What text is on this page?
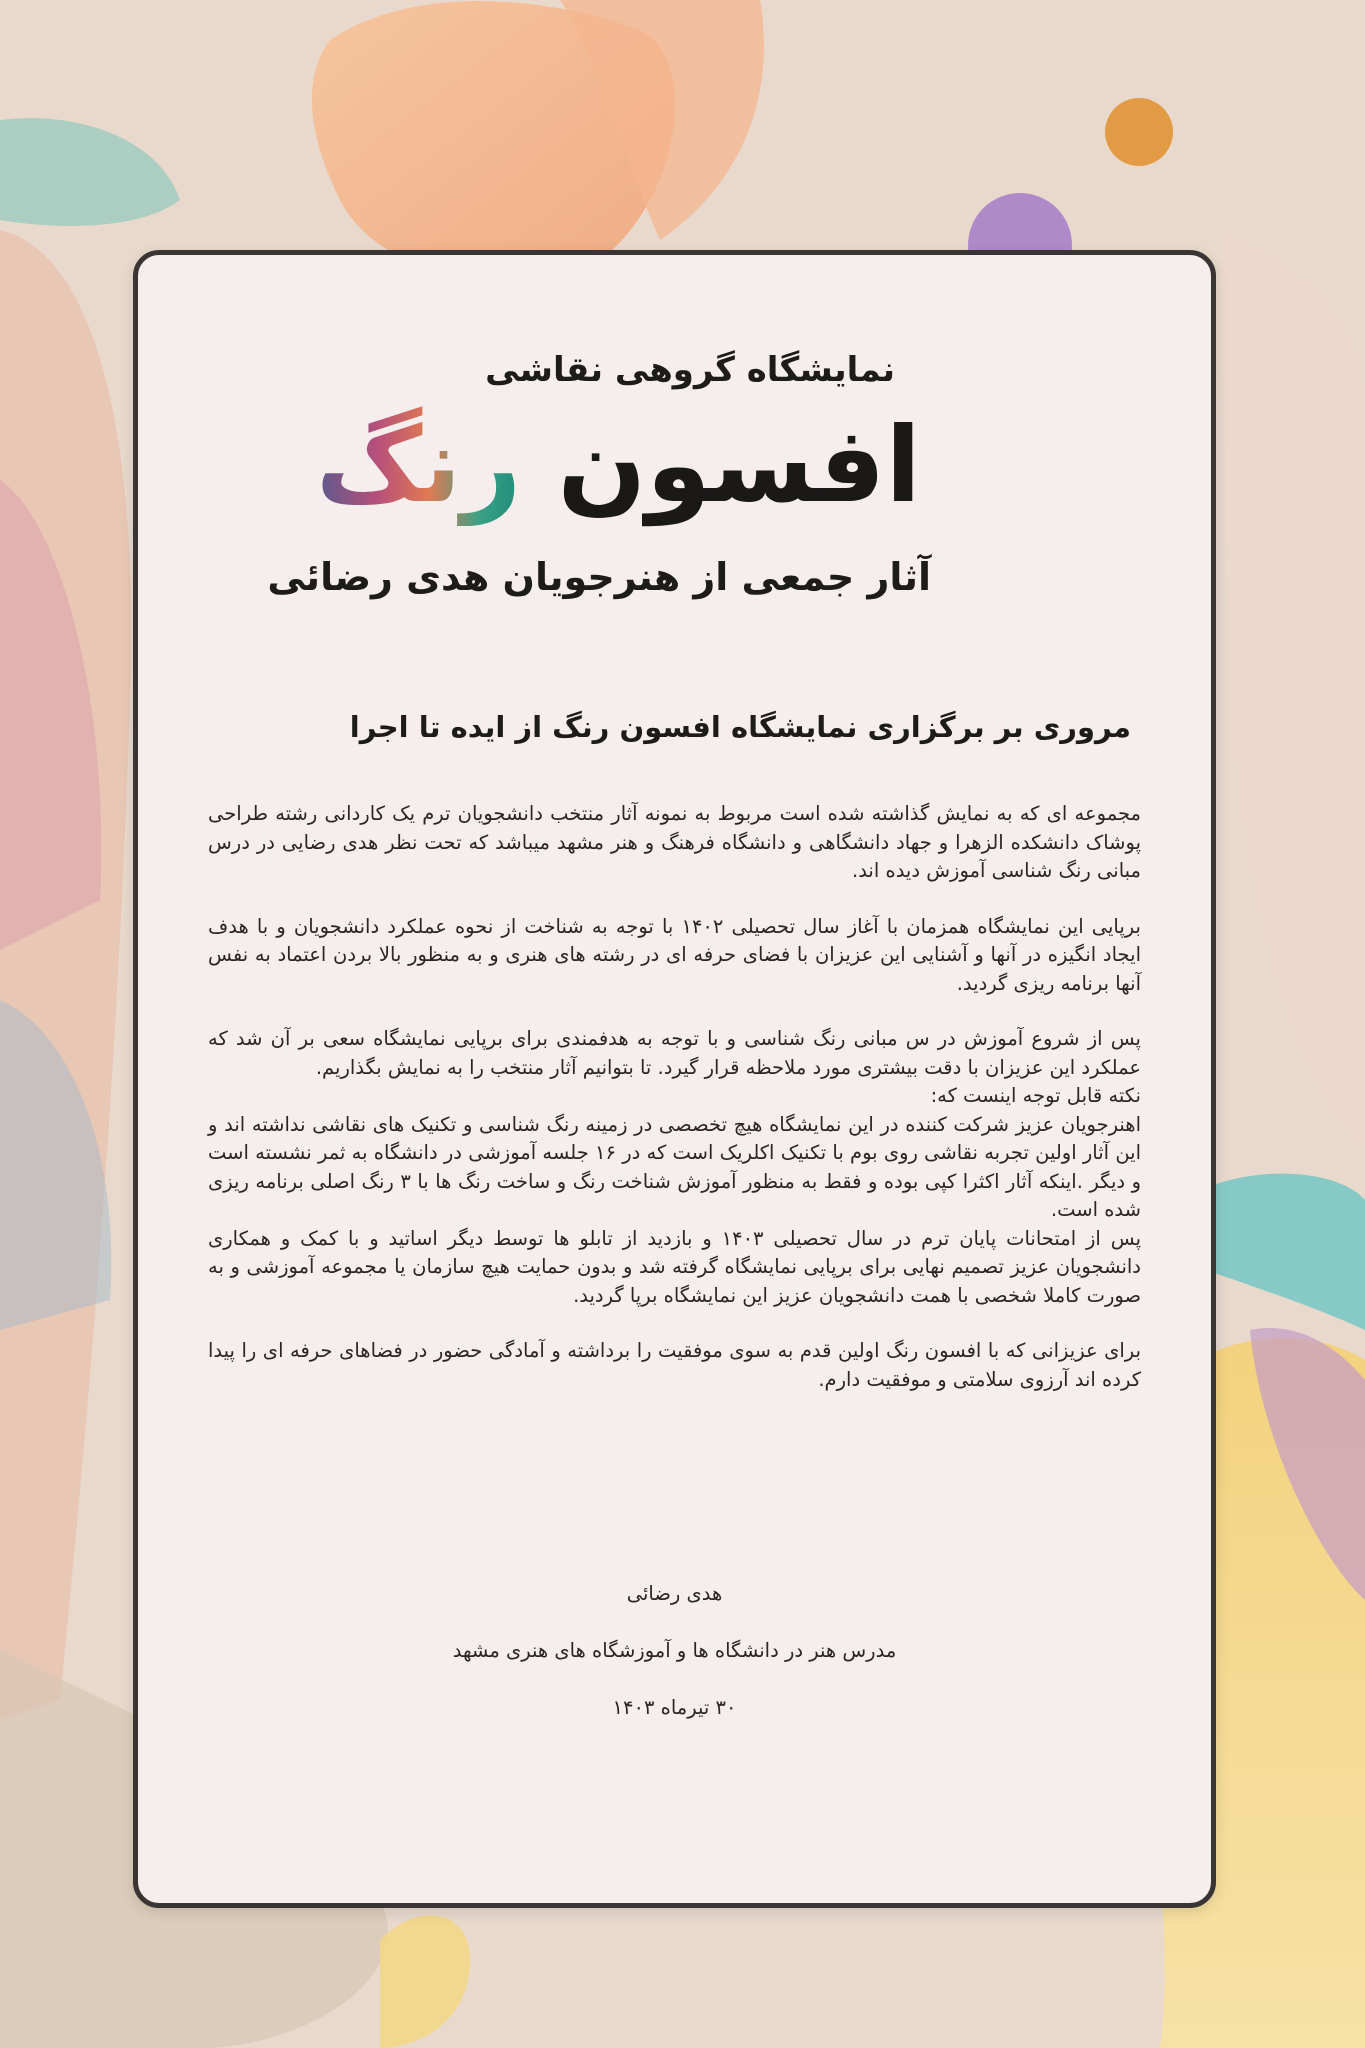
نمایشگاه گروهی نقاشی
افسون رنگ
آثار جمعی از هنرجویان هدی رضائی
مروری بر برگزاری نمایشگاه افسون رنگ از ایده تا اجرا

مجموعه ای که به نمایش گذاشته شده است مربوط به نمونه آثار منتخب دانشجویان ترم یک کاردانی رشته طراحی پوشاک دانشکده الزهرا و جهاد دانشگاهی و دانشگاه فرهنگ و هنر مشهد میباشد که تحت نظر هدی رضایی در درس مبانی رنگ شناسی آموزش دیده اند.

برپایی این نمایشگاه همزمان با آغاز سال تحصیلی ۱۴۰۲ با توجه به شناخت از نحوه عملکرد دانشجویان و با هدف ایجاد انگیزه در آنها و آشنایی این عزیزان با فضای حرفه ای در رشته های هنری و به منظور بالا بردن اعتماد به نفس آنها برنامه ریزی گردید.

پس از شروع آموزش در س مبانی رنگ شناسی و با توجه به هدفمندی برای برپایی نمایشگاه سعی بر آن شد که عملکرد این عزیزان با دقت بیشتری مورد ملاحظه قرار گیرد. تا بتوانیم آثار منتخب را به نمایش بگذاریم.

نکته قابل توجه اینست که:

اهنرجویان عزیز شرکت کننده در این نمایشگاه هیچ تخصصی در زمینه رنگ شناسی و تکنیک های نقاشی نداشته اند و این آثار اولین تجربه نقاشی روی بوم با تکنیک اکلریک است که در ۱۶ جلسه آموزشی در دانشگاه به ثمر نشسته است و دیگر .اینکه آثار اکثرا کپی بوده و فقط به منظور آموزش شناخت رنگ و ساخت رنگ ها با ۳ رنگ اصلی برنامه ریزی شده است.

پس از امتحانات پایان ترم در سال تحصیلی ۱۴۰۳ و بازدید از تابلو ها توسط دیگر اساتید و با کمک و همکاری دانشجویان عزیز تصمیم نهایی برای برپایی نمایشگاه گرفته شد و بدون حمایت هیچ سازمان یا مجموعه آموزشی و به صورت کاملا شخصی با همت دانشجویان عزیز این نمایشگاه برپا گردید.

برای عزیزانی که با افسون رنگ اولین قدم به سوی موفقیت را برداشته و آمادگی حضور در فضاهای حرفه ای را پیدا کرده اند آرزوی سلامتی و موفقیت دارم.

هدی رضائی
مدرس هنر در دانشگاه ها و آموزشگاه های هنری مشهد
۳۰ تیرماه ۱۴۰۳
